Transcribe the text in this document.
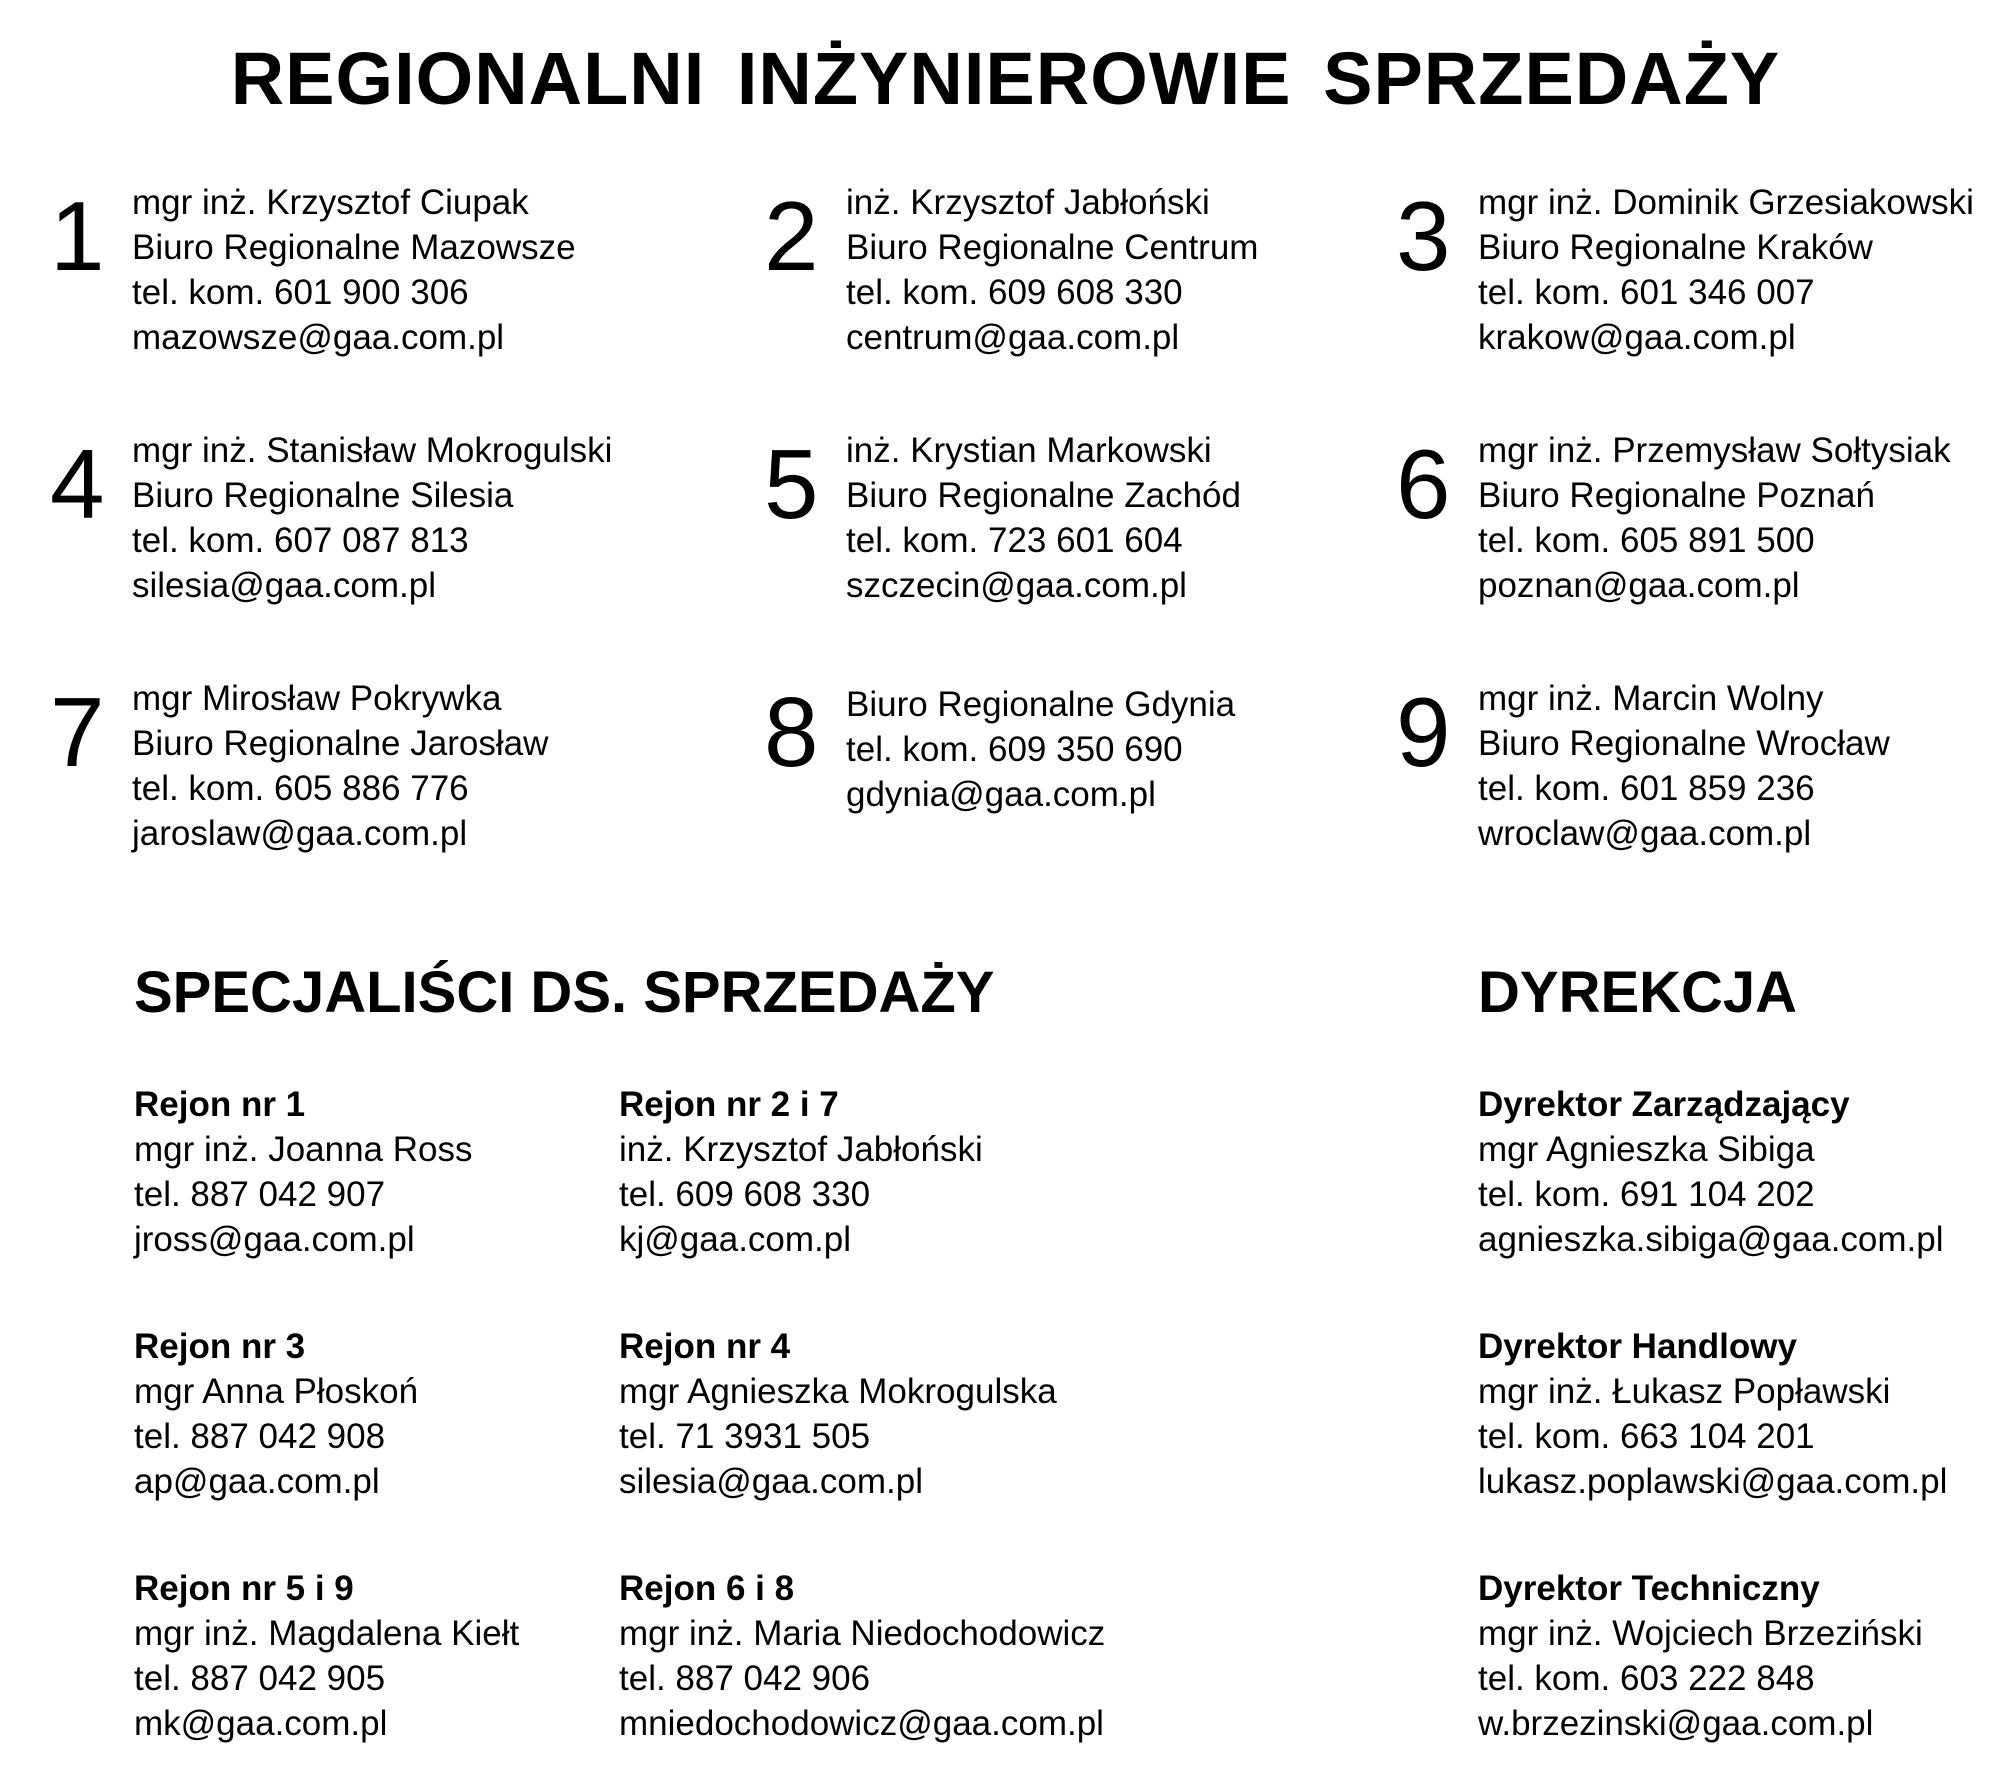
REGIONALNI INŻYNIEROWIE SPRZEDAŻY
1 mgr inż. Krzysztof Ciupak
Biuro Regionalne Mazowsze
tel. kom. 601 900 306
mazowsze@gaa.com.pl
2 inż. Krzysztof Jabłoński
Biuro Regionalne Centrum
tel. kom. 609 608 330
centrum@gaa.com.pl
3 mgr inż. Dominik Grzesiakowski
Biuro Regionalne Kraków
tel. kom. 601 346 007
krakow@gaa.com.pl
4 mgr inż. Stanisław Mokrogulski
Biuro Regionalne Silesia
tel. kom. 607 087 813
silesia@gaa.com.pl
5 inż. Krystian Markowski
Biuro Regionalne Zachód
tel. kom. 723 601 604
szczecin@gaa.com.pl
6 mgr inż. Przemysław Sołtysiak
Biuro Regionalne Poznań
tel. kom. 605 891 500
poznan@gaa.com.pl
7 mgr Mirosław Pokrywka
Biuro Regionalne Jarosław
tel. kom. 605 886 776
jaroslaw@gaa.com.pl
8 Biuro Regionalne Gdynia
tel. kom. 609 350 690
gdynia@gaa.com.pl
9 mgr inż. Marcin Wolny
Biuro Regionalne Wrocław
tel. kom. 601 859 236
wroclaw@gaa.com.pl
SPECJALIŚCI DS. SPRZEDAŻY	DYREKCJA
Rejon nr 1
mgr inż. Joanna Ross
tel. 887 042 907
jross@gaa.com.pl
Rejon nr 2 i 7
inż. Krzysztof Jabłoński
tel. 609 608 330
kj@gaa.com.pl
Rejon nr 3
mgr Anna Płoskoń
tel. 887 042 908
ap@gaa.com.pl
Rejon nr 4
mgr Agnieszka Mokrogulska
tel. 71 3931 505
silesia@gaa.com.pl
Rejon nr 5 i 9
mgr inż. Magdalena Kiełt
tel. 887 042 905
mk@gaa.com.pl
Rejon 6 i 8
mgr inż. Maria Niedochodowicz
tel. 887 042 906
mniedochodowicz@gaa.com.pl
Dyrektor Zarządzający
mgr Agnieszka Sibiga
tel. kom. 691 104 202
agnieszka.sibiga@gaa.com.pl
Dyrektor Handlowy
mgr inż. Łukasz Popławski
tel. kom. 663 104 201
lukasz.poplawski@gaa.com.pl
Dyrektor Techniczny
mgr inż. Wojciech Brzeziński
tel. kom. 603 222 848
w.brzezinski@gaa.com.pl
